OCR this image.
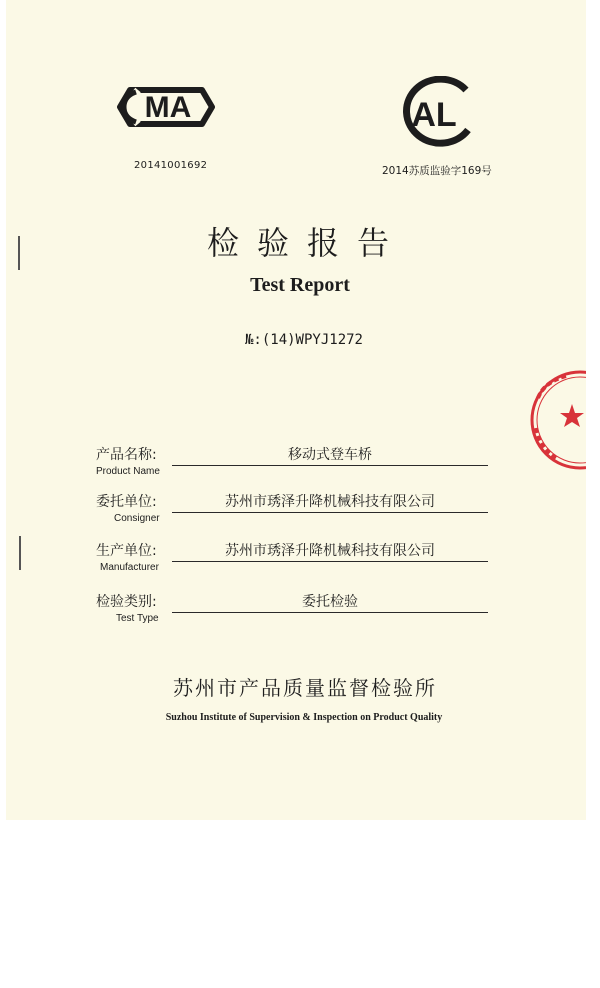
MA	AL
20141001692	2014苏质监验字169号
检验报告
Test Report
№:(14)WPYJ1272
产品名称:
Product Name
移动式登车桥
委托单位:
Consigner
苏州市琇泽升降机械科技有限公司
生产单位:
Manufacturer
苏州市琇泽升降机械科技有限公司
检验类别:
Test Type
委托检验
苏州市产品质量监督检验所
Suzhou Institute of Supervision & Inspection on Product Quality
